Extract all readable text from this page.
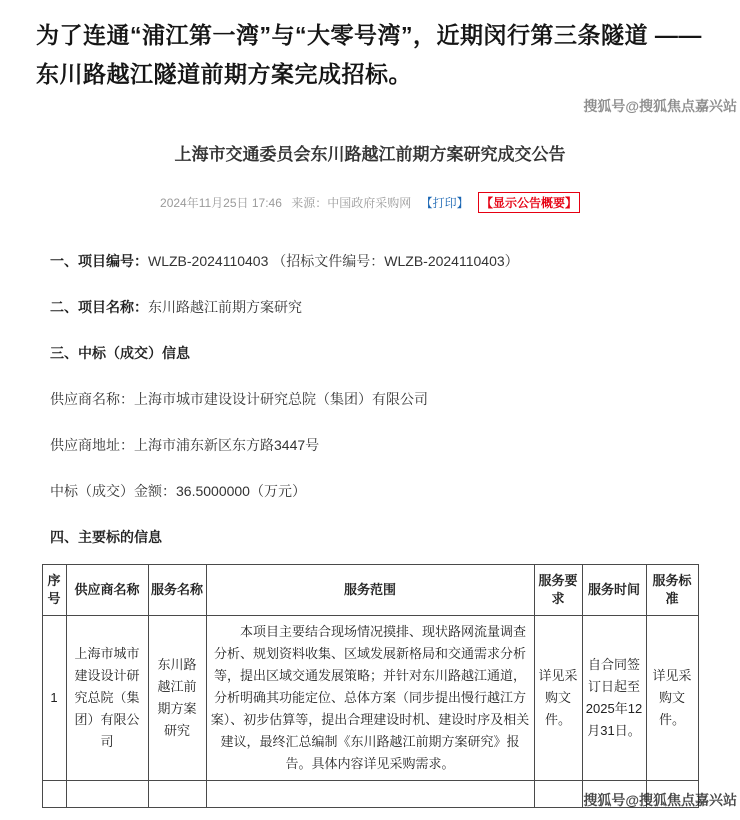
为了连通“浦江第一湾”与“大零号湾”，近期闵行第三条隧道 —— 东川路越江隧道前期方案完成招标。
搜狐号@搜狐焦点嘉兴站
上海市交通委员会东川路越江前期方案研究成交公告
2024年11月25日 17:46 来源：中国政府采购网 【打印】 【显示公告概要】
一、项目编号：WLZB-2024110403 （招标文件编号：WLZB-2024110403）
二、项目名称：东川路越江前期方案研究
三、中标（成交）信息
供应商名称：上海市城市建设设计研究总院（集团）有限公司
供应商地址：上海市浦东新区东方路3447号
中标（成交）金额：36.5000000（万元）
四、主要标的信息
序号	供应商名称	服务名称	服务范围	服务要求	服务时间	服务标准
1	上海市城市建设设计研究总院（集团）有限公司	东川路越江前期方案研究	本项目主要结合现场情况摸排、现状路网流量调查分析、规划资料收集、区域发展新格局和交通需求分析等，提出区域交通发展策略；并针对东川路越江通道，分析明确其功能定位、总体方案（同步提出慢行越江方案）、初步估算等，提出合理建设时机、建设时序及相关建议，最终汇总编制《东川路越江前期方案研究》报告。具体内容详见采购需求。	详见采购文件。	自合同签订日起至2025年12月31日。	详见采购文件。

搜狐号@搜狐焦点嘉兴站
